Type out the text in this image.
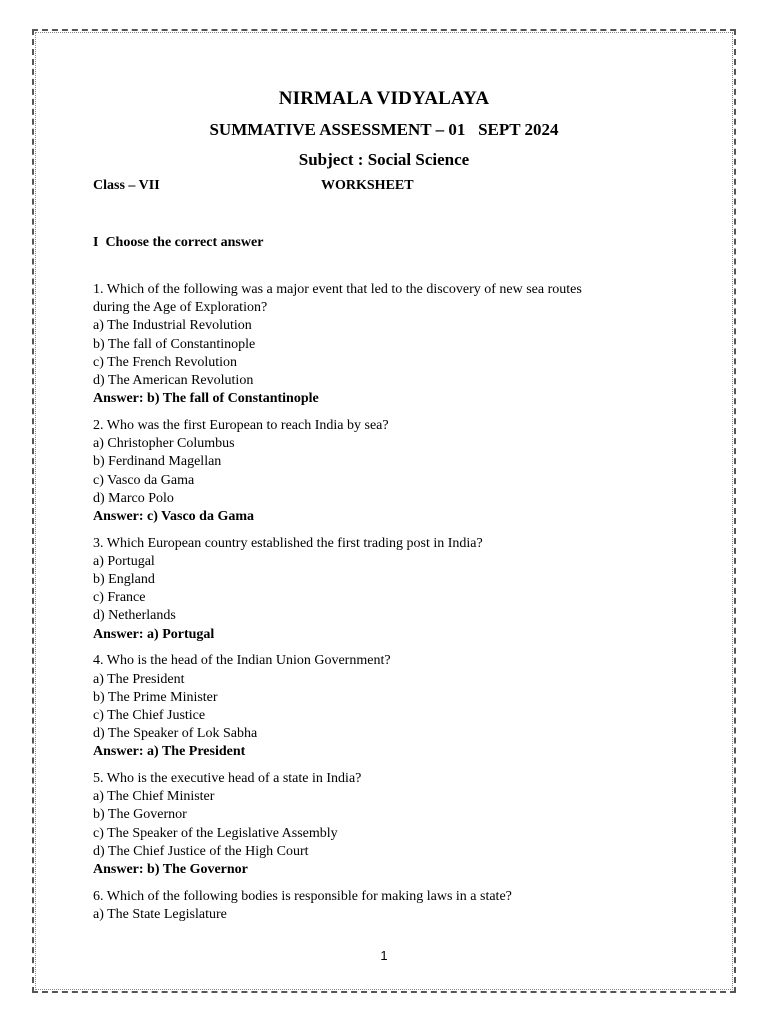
NIRMALA VIDYALAYA
SUMMATIVE ASSESSMENT – 01   SEPT 2024
Subject : Social Science
Class – VII	WORKSHEET
I  Choose the correct answer
1. Which of the following was a major event that led to the discovery of new sea routes
during the Age of Exploration?
a) The Industrial Revolution
b) The fall of Constantinople
c) The French Revolution
d) The American Revolution
Answer: b) The fall of Constantinople
2. Who was the first European to reach India by sea?
a) Christopher Columbus
b) Ferdinand Magellan
c) Vasco da Gama
d) Marco Polo
Answer: c) Vasco da Gama
3. Which European country established the first trading post in India?
a) Portugal
b) England
c) France
d) Netherlands
Answer: a) Portugal
4. Who is the head of the Indian Union Government?
a) The President
b) The Prime Minister
c) The Chief Justice
d) The Speaker of Lok Sabha
Answer: a) The President
5. Who is the executive head of a state in India?
a) The Chief Minister
b) The Governor
c) The Speaker of the Legislative Assembly
d) The Chief Justice of the High Court
Answer: b) The Governor
6. Which of the following bodies is responsible for making laws in a state?
a) The State Legislature
1
